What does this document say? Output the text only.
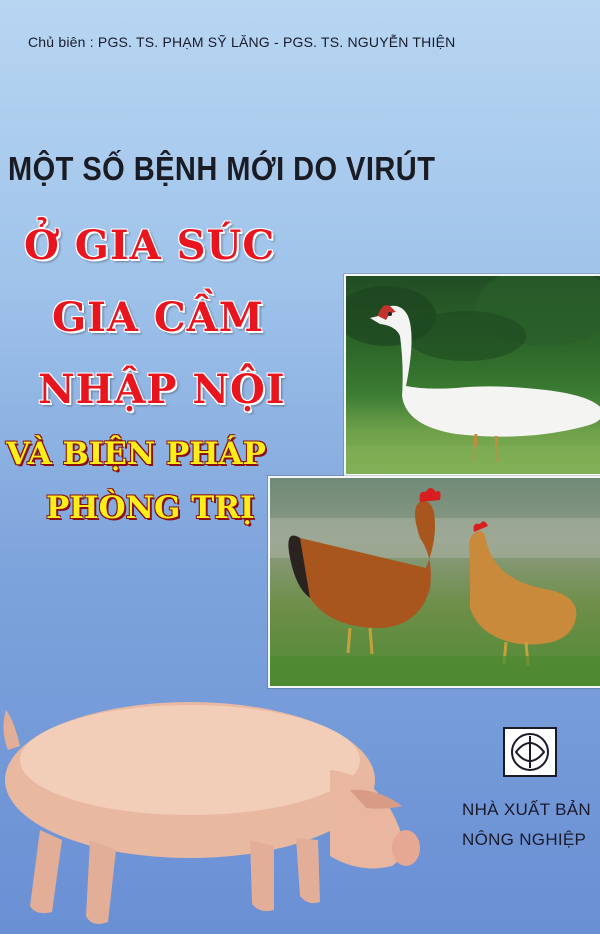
Chủ biên : PGS. TS. PHẠM SỸ LĂNG - PGS. TS. NGUYỄN THIỆN
MỘT SỐ BỆNH MỚI DO VIRÚT
Ở GIA SÚC
GIA CẦM
NHẬP NỘI
VÀ BIỆN PHÁP
PHÒNG TRỊ
NHÀ XUẤT BẢN
NÔNG NGHIỆP
